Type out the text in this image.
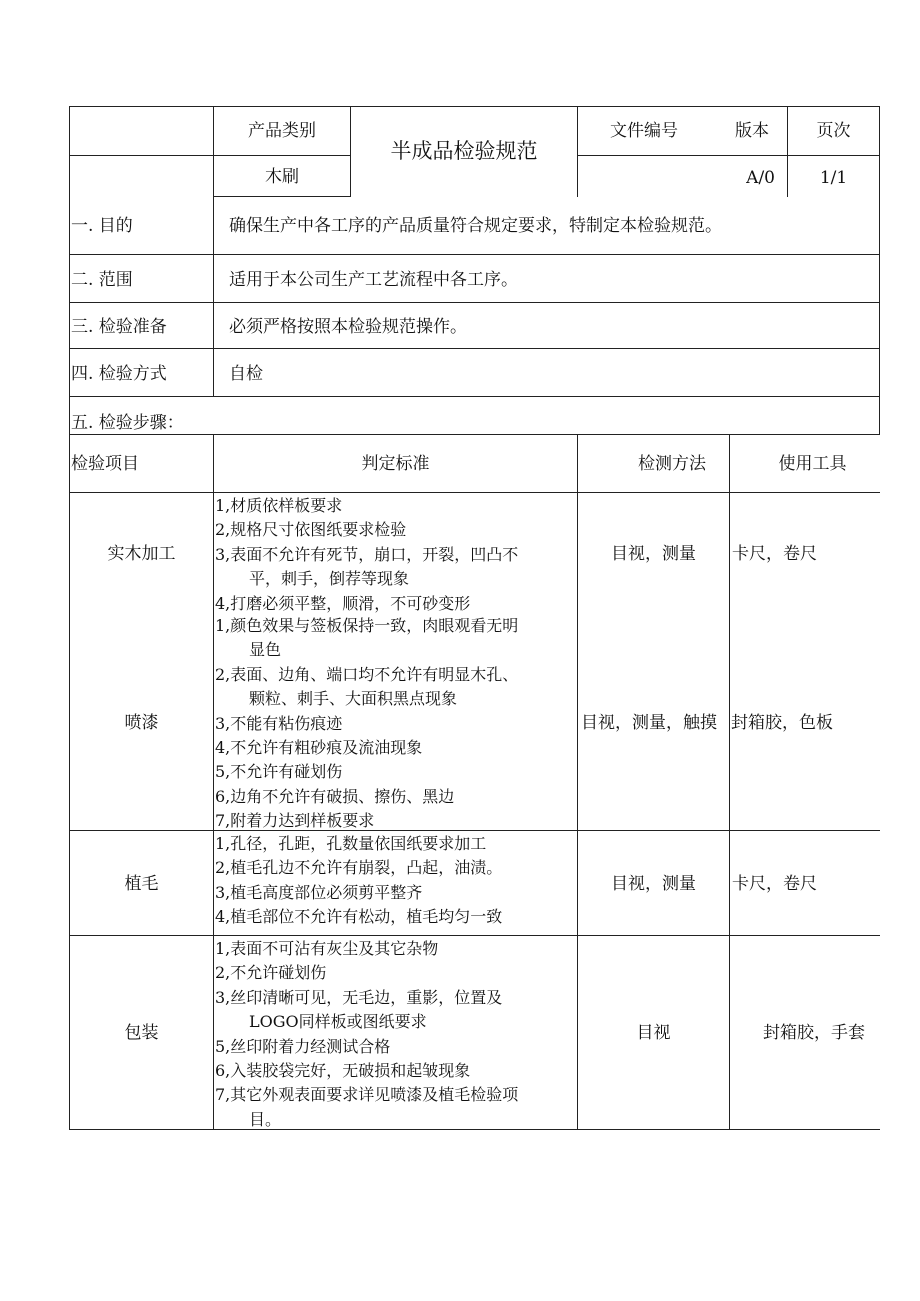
产品类别
木刷
半成品检验规范
文件编号	版本	页次
A/0	1/1
一. 目的	确保生产中各工序的产品质量符合规定要求，特制定本检验规范。
二. 范围	适用于本公司生产工艺流程中各工序。
三. 检验准备	必须严格按照本检验规范操作。
四. 检验方式	自检
五. 检验步骤：
检验项目	判定标准	检测方法	使用工具
实木加工
1,材质依样板要求
2,规格尺寸依图纸要求检验
3,表面不允许有死节，崩口，开裂，凹凸不
平，刺手，倒荐等现象
4,打磨必须平整，顺滑，不可砂变形
目视，测量	卡尺，卷尺
喷漆
1,颜色效果与签板保持一致，肉眼观看无明
显色
2,表面、边角、端口均不允许有明显木孔、
颗粒、刺手、大面积黑点现象
3,不能有粘伤痕迹
4,不允许有粗砂痕及流油现象
5,不允许有碰划伤
6,边角不允许有破损、擦伤、黑边
7,附着力达到样板要求
目视，测量，触摸 封箱胶，色板
植毛
1,孔径，孔距，孔数量依国纸要求加工
2,植毛孔边不允许有崩裂，凸起，油渍。
3,植毛高度部位必须剪平整齐
4,植毛部位不允许有松动，植毛均匀一致
目视，测量	卡尺，卷尺
包装
1,表面不可沾有灰尘及其它杂物
2,不允许碰划伤
3,丝印清晰可见，无毛边，重影，位置及
LOGO同样板或图纸要求
5,丝印附着力经测试合格
6,入装胶袋完好，无破损和起皱现象
7,其它外观表面要求详见喷漆及植毛检验项
目。
目视	封箱胶，手套
